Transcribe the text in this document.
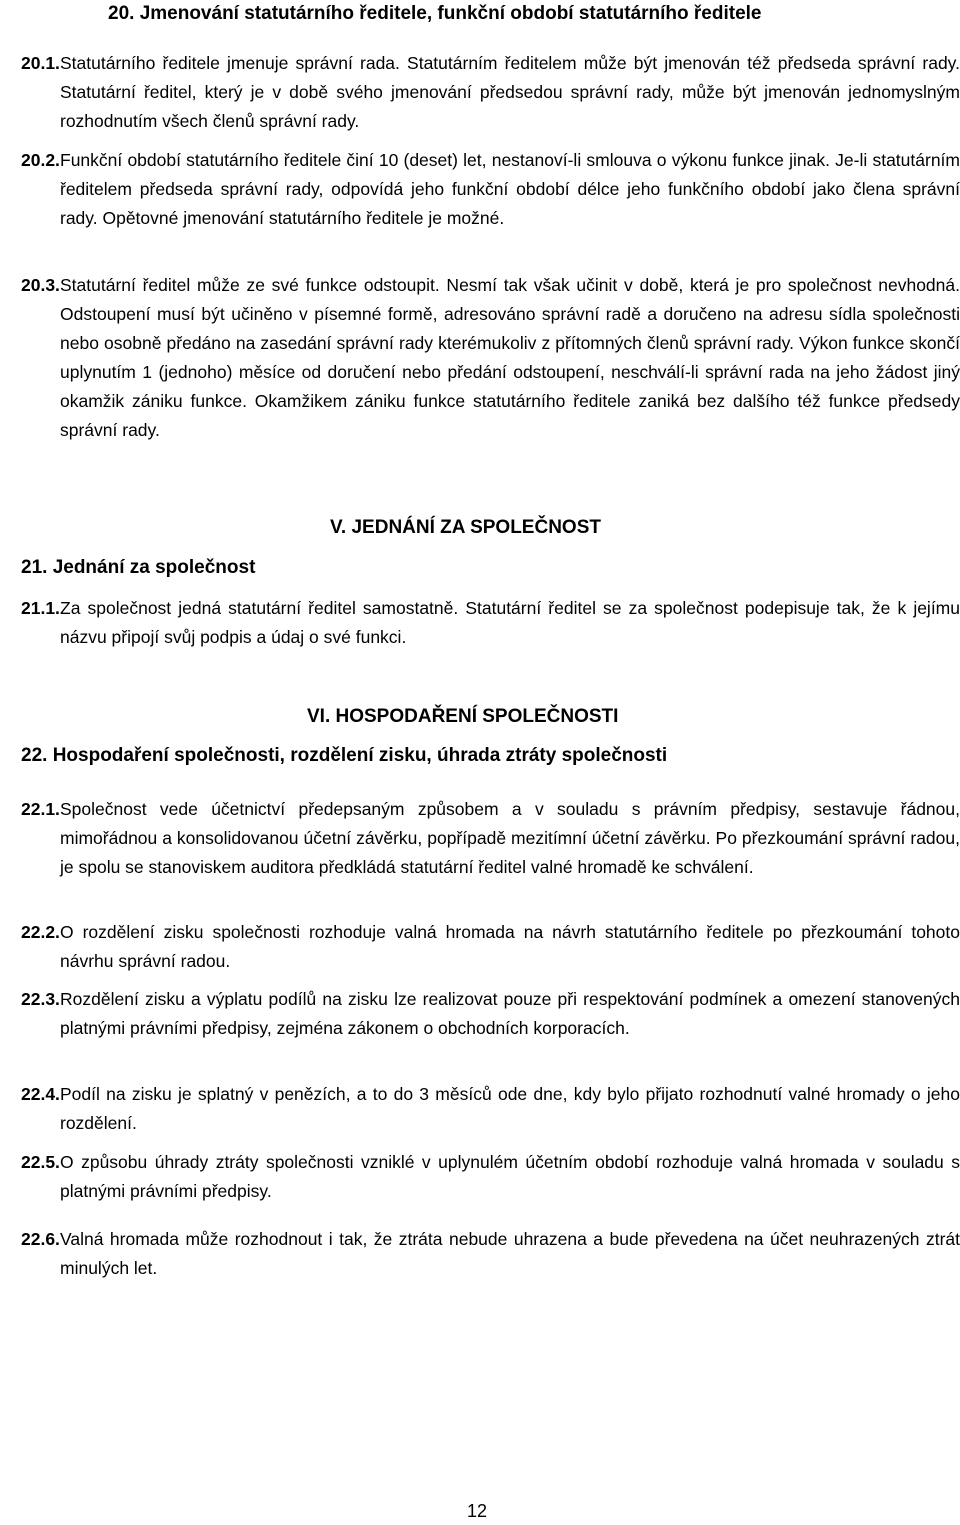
20. Jmenování statutárního ředitele, funkční období statutárního ředitele
20.1. Statutárního ředitele jmenuje správní rada. Statutárním ředitelem může být jmenován též předseda správní rady. Statutární ředitel, který je v době svého jmenování předsedou správní rady, může být jmenován jednomyslným rozhodnutím všech členů správní rady.
20.2. Funkční období statutárního ředitele činí 10 (deset) let, nestanoví-li smlouva o výkonu funkce jinak. Je-li statutárním ředitelem předseda správní rady, odpovídá jeho funkční období délce jeho funkčního období jako člena správní rady. Opětovné jmenování statutárního ředitele je možné.
20.3. Statutární ředitel může ze své funkce odstoupit. Nesmí tak však učinit v době, která je pro společnost nevhodná. Odstoupení musí být učiněno v písemné formě, adresováno správní radě a doručeno na adresu sídla společnosti nebo osobně předáno na zasedání správní rady kterémukoliv z přítomných členů správní rady. Výkon funkce skončí uplynutím 1 (jednoho) měsíce od doručení nebo předání odstoupení, neschválí-li správní rada na jeho žádost jiný okamžik zániku funkce. Okamžikem zániku funkce statutárního ředitele zaniká bez dalšího též funkce předsedy správní rady.
V. JEDNÁNÍ ZA SPOLEČNOST
21. Jednání za společnost
21.1. Za společnost jedná statutární ředitel samostatně. Statutární ředitel se za společnost podepisuje tak, že k jejímu názvu připojí svůj podpis a údaj o své funkci.
VI. HOSPODAŘENÍ SPOLEČNOSTI
22. Hospodaření společnosti, rozdělení zisku, úhrada ztráty společnosti
22.1. Společnost vede účetnictví předepsaným způsobem a v souladu s právním předpisy, sestavuje řádnou, mimořádnou a konsolidovanou účetní závěrku, popřípadě mezitímní účetní závěrku. Po přezkoumání správní radou, je spolu se stanoviskem auditora předkládá statutární ředitel valné hromadě ke schválení.
22.2. O rozdělení zisku společnosti rozhoduje valná hromada na návrh statutárního ředitele po přezkoumání tohoto návrhu správní radou.
22.3. Rozdělení zisku a výplatu podílů na zisku lze realizovat pouze při respektování podmínek a omezení stanovených platnými právními předpisy, zejména zákonem o obchodních korporacích.
22.4. Podíl na zisku je splatný v penězích, a to do 3 měsíců ode dne, kdy bylo přijato rozhodnutí valné hromady o jeho rozdělení.
22.5. O způsobu úhrady ztráty společnosti vzniklé v uplynulém účetním období rozhoduje valná hromada v souladu s platnými právními předpisy.
22.6. Valná hromada může rozhodnout i tak, že ztráta nebude uhrazena a bude převedena na účet neuhrazených ztrát minulých let.
12
